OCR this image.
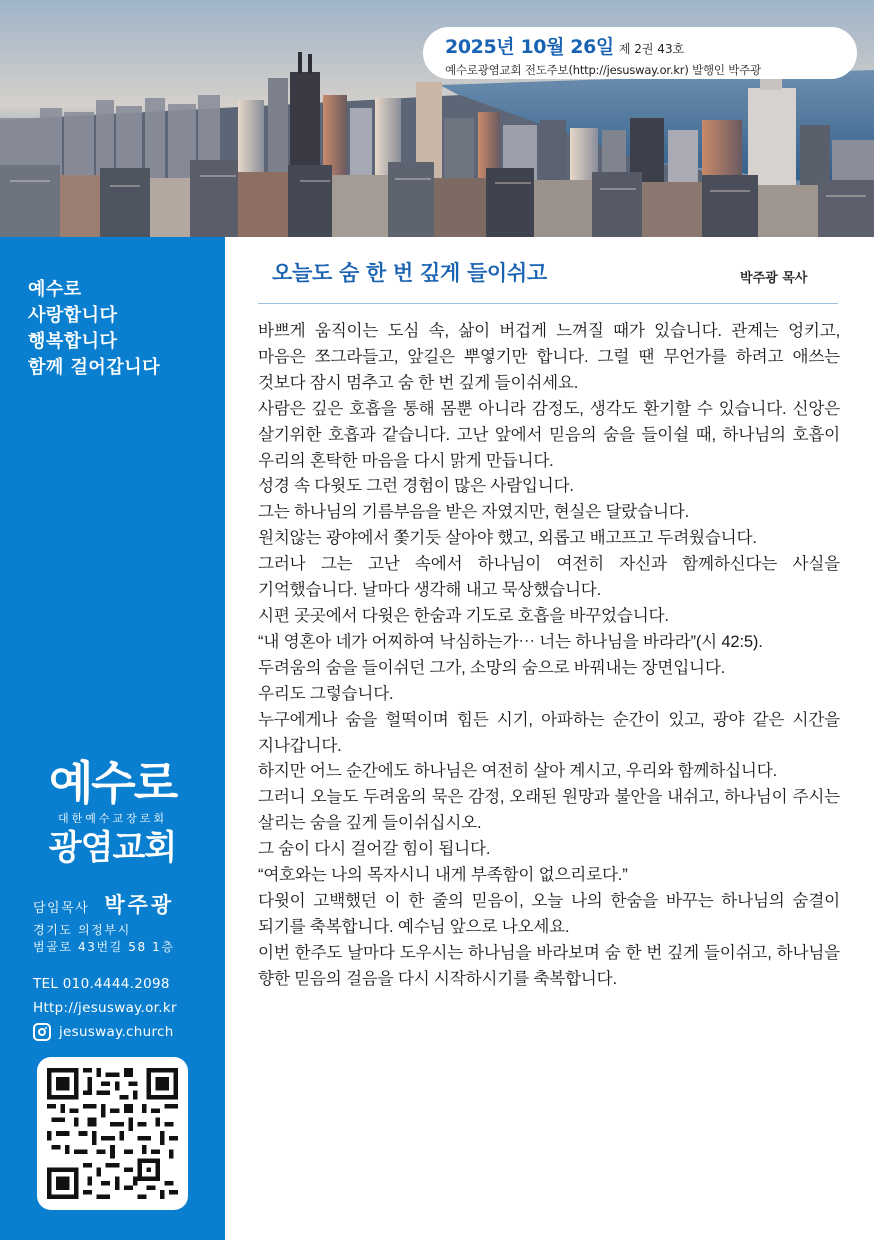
2025년 10월 26일 제 2권 43호
예수로광염교회 전도주보(http://jesusway.or.kr) 발행인 박주광
예수로
사랑합니다
행복합니다
함께 걸어갑니다
예수로
대한예수교장로회
광염교회
담임목사 박주광
경기도 의정부시
범골로 43번길 58 1층
TEL 010.4444.2098
Http://jesusway.or.kr
jesusway.church
오늘도 숨 한 번 깊게 들이쉬고	박주광 목사

바쁘게 움직이는 도심 속, 삶이 버겁게 느껴질 때가 있습니다. 관계는 엉키고, 마음은 쪼그라들고, 앞길은 뿌옇기만 합니다. 그럴 땐 무언가를 하려고 애쓰는 것보다 잠시 멈추고 숨 한 번 깊게 들이쉬세요.

사람은 깊은 호흡을 통해 몸뿐 아니라 감정도, 생각도 환기할 수 있습니다. 신앙은 살기위한 호흡과 같습니다. 고난 앞에서 믿음의 숨을 들이쉴 때, 하나님의 호흡이 우리의 혼탁한 마음을 다시 맑게 만듭니다.

성경 속 다윗도 그런 경험이 많은 사람입니다.

그는 하나님의 기름부음을 받은 자였지만, 현실은 달랐습니다.

원치않는 광야에서 쫓기듯 살아야 했고, 외롭고 배고프고 두려웠습니다.

그러나 그는 고난 속에서 하나님이 여전히 자신과 함께하신다는 사실을 기억했습니다. 날마다 생각해 내고 묵상했습니다.

시편 곳곳에서 다윗은 한숨과 기도로 호흡을 바꾸었습니다.

“내 영혼아 네가 어찌하여 낙심하는가⋯ 너는 하나님을 바라라”(시 42:5).

두려움의 숨을 들이쉬던 그가, 소망의 숨으로 바꿔내는 장면입니다.

우리도 그렇습니다.

누구에게나 숨을 헐떡이며 힘든 시기, 아파하는 순간이 있고, 광야 같은 시간을 지나갑니다.

하지만 어느 순간에도 하나님은 여전히 살아 계시고, 우리와 함께하십니다.

그러니 오늘도 두려움의 묵은 감정, 오래된 원망과 불안을 내쉬고, 하나님이 주시는 살리는 숨을 깊게 들이쉬십시오.

그 숨이 다시 걸어갈 힘이 됩니다.

“여호와는 나의 목자시니 내게 부족함이 없으리로다.”

다윗이 고백했던 이 한 줄의 믿음이, 오늘 나의 한숨을 바꾸는 하나님의 숨결이 되기를 축복합니다. 예수님 앞으로 나오세요.

이번 한주도 날마다 도우시는 하나님을 바라보며 숨 한 번 깊게 들이쉬고, 하나님을 향한 믿음의 걸음을 다시 시작하시기를 축복합니다.
